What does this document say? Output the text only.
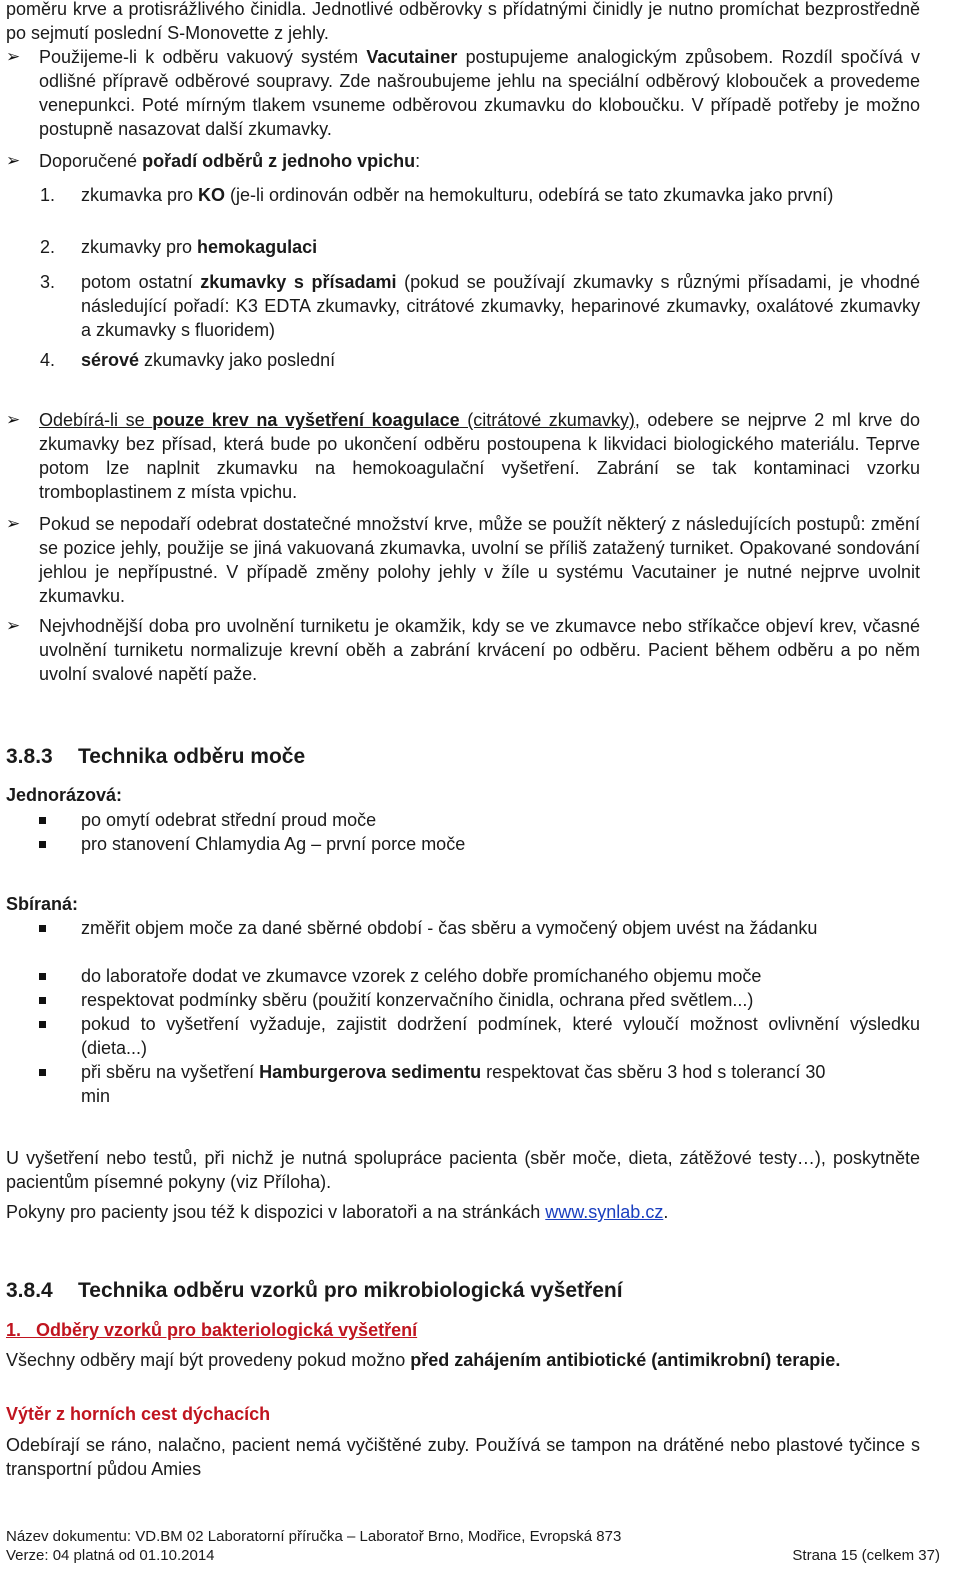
poměru krve a protisrážlivého činidla. Jednotlivé odběrovky s přídatnými činidly je nutno promíchat bezprostředně po sejmutí poslední S-Monovette z jehly.

➢	Použijeme-li k odběru vakuový systém Vacutainer postupujeme analogickým způsobem. Rozdíl spočívá v odlišné přípravě odběrové soupravy. Zde našroubujeme jehlu na speciální odběrový klobouček a provedeme venepunkci. Poté mírným tlakem vsuneme odběrovou zkumavku do kloboučku. V případě potřeby je možno postupně nasazovat další zkumavky.

➢	Doporučené pořadí odběrů z jednoho vpichu:

1. zkumavka pro KO (je-li ordinován odběr na hemokulturu, odebírá se tato zkumavka jako první)

2. zkumavky pro hemokagulaci

3. potom ostatní zkumavky s přísadami (pokud se používají zkumavky s různými přísadami, je vhodné následující pořadí: K3 EDTA zkumavky, citrátové zkumavky, heparinové zkumavky, oxalátové zkumavky a zkumavky s fluoridem)

4. sérové zkumavky jako poslední

➢	Odebírá-li se pouze krev na vyšetření koagulace (citrátové zkumavky), odebere se nejprve 2 ml krve do zkumavky bez přísad, která bude po ukončení odběru postoupena k likvidaci biologického materiálu. Teprve potom lze naplnit zkumavku na hemokoagulační vyšetření. Zabrání se tak kontaminaci vzorku tromboplastinem z místa vpichu.

➢	Pokud se nepodaří odebrat dostatečné množství krve, může se použít některý z následujících postupů: změní se pozice jehly, použije se jiná vakuovaná zkumavka, uvolní se příliš zatažený turniket. Opakované sondování jehlou je nepřípustné. V případě změny polohy jehly v žíle u systému Vacutainer je nutné nejprve uvolnit zkumavku.

➢	Nejvhodnější doba pro uvolnění turniketu je okamžik, kdy se ve zkumavce nebo stříkačce objeví krev, včasné uvolnění turniketu normalizuje krevní oběh a zabrání krvácení po odběru. Pacient během odběru a po něm uvolní svalové napětí paže.

3.8.3 Technika odběru moče
Jednorázová:

po omytí odebrat střední proud moče

pro stanovení Chlamydia Ag – první porce moče

Sbíraná:

změřit objem moče za dané sběrné období - čas sběru a vymočený objem uvést na žádanku

do laboratoře dodat ve zkumavce vzorek z celého dobře promíchaného objemu moče

respektovat podmínky sběru (použití konzervačního činidla, ochrana před světlem...)

pokud to vyšetření vyžaduje, zajistit dodržení podmínek, které vyloučí možnost ovlivnění výsledku (dieta...)

při sběru na vyšetření Hamburgerova sedimentu respektovat čas sběru 3 hod s tolerancí 30 min

U vyšetření nebo testů, při nichž je nutná spolupráce pacienta (sběr moče, dieta, zátěžové testy…), poskytněte pacientům písemné pokyny (viz Příloha).

Pokyny pro pacienty jsou též k dispozici v laboratoři a na stránkách www.synlab.cz.

3.8.4 Technika odběru vzorků pro mikrobiologická vyšetření
1.   Odběry vzorků pro bakteriologická vyšetření

Všechny odběry mají být provedeny pokud možno před zahájením antibiotické (antimikrobní) terapie.

Výtěr z horních cest dýchacích

Odebírají se ráno, nalačno, pacient nemá vyčištěné zuby. Používá se tampon na drátěné nebo plastové tyčince s transportní půdou Amies

Název dokumentu: VD.BM 02 Laboratorní příručka – Laboratoř Brno, Modřice, Evropská 873
Verze: 04 platná od 01.10.2014	Strana 15 (celkem 37)
